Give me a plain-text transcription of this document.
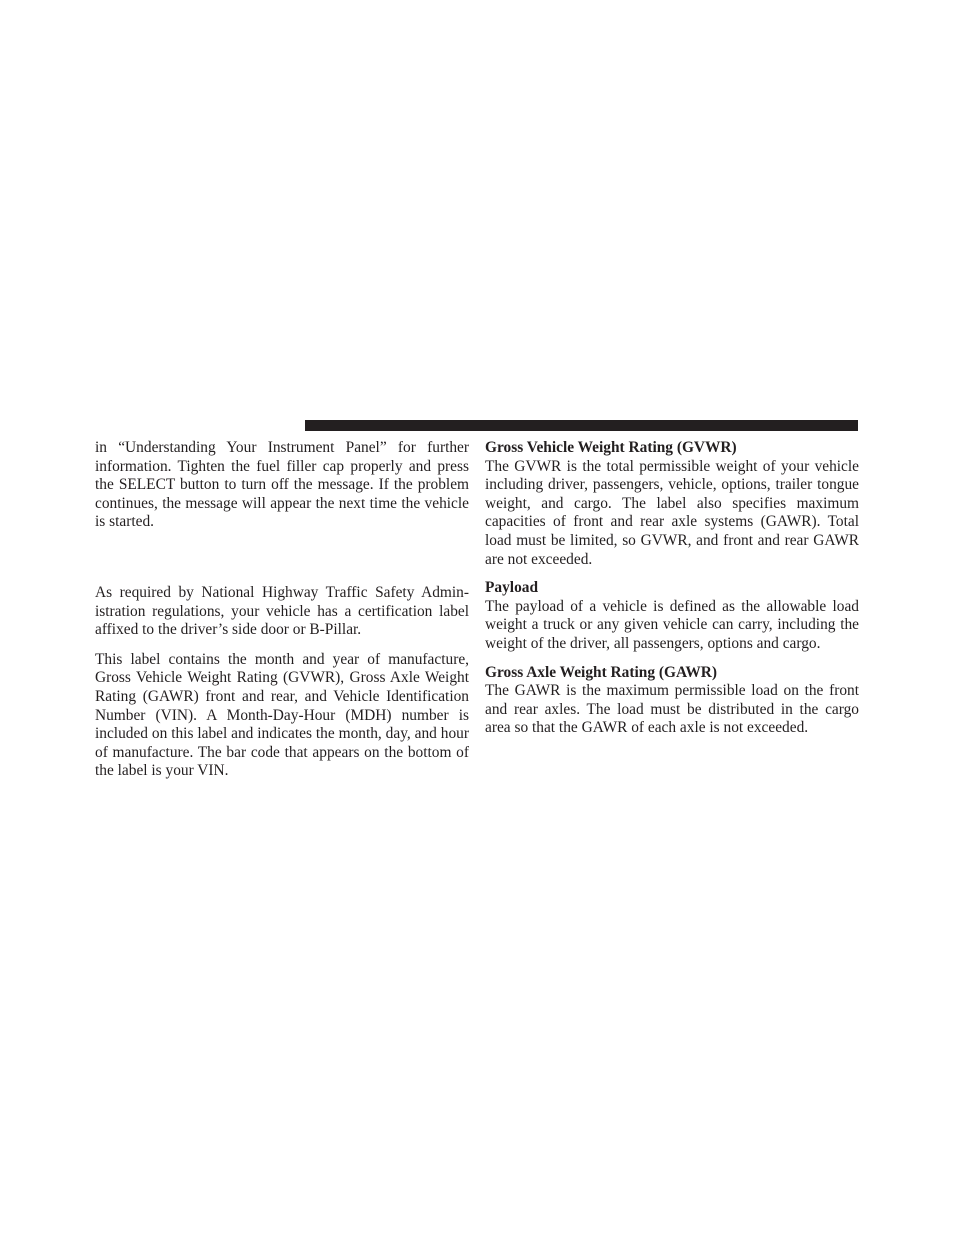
in “Understanding Your Instrument Panel” for further information. Tighten the fuel filler cap properly and press the SELECT button to turn off the message. If the problem continues, the message will appear the next time the vehicle is started.

As required by National Highway Traffic Safety Administration regulations, your vehicle has a certification label affixed to the driver’s side door or B-Pillar.

This label contains the month and year of manufacture, Gross Vehicle Weight Rating (GVWR), Gross Axle Weight Rating (GAWR) front and rear, and Vehicle Identification Number (VIN). A Month-Day-Hour (MDH) number is included on this label and indicates the month, day, and hour of manufacture. The bar code that appears on the bottom of the label is your VIN.

Gross Vehicle Weight Rating (GVWR)

The GVWR is the total permissible weight of your vehicle including driver, passengers, vehicle, options, trailer tongue weight, and cargo. The label also specifies maximum capacities of front and rear axle systems (GAWR). Total load must be limited, so GVWR, and front and rear GAWR are not exceeded.

Payload

The payload of a vehicle is defined as the allowable load weight a truck or any given vehicle can carry, including the weight of the driver, all passengers, options and cargo.

Gross Axle Weight Rating (GAWR)

The GAWR is the maximum permissible load on the front and rear axles. The load must be distributed in the cargo area so that the GAWR of each axle is not exceeded.
